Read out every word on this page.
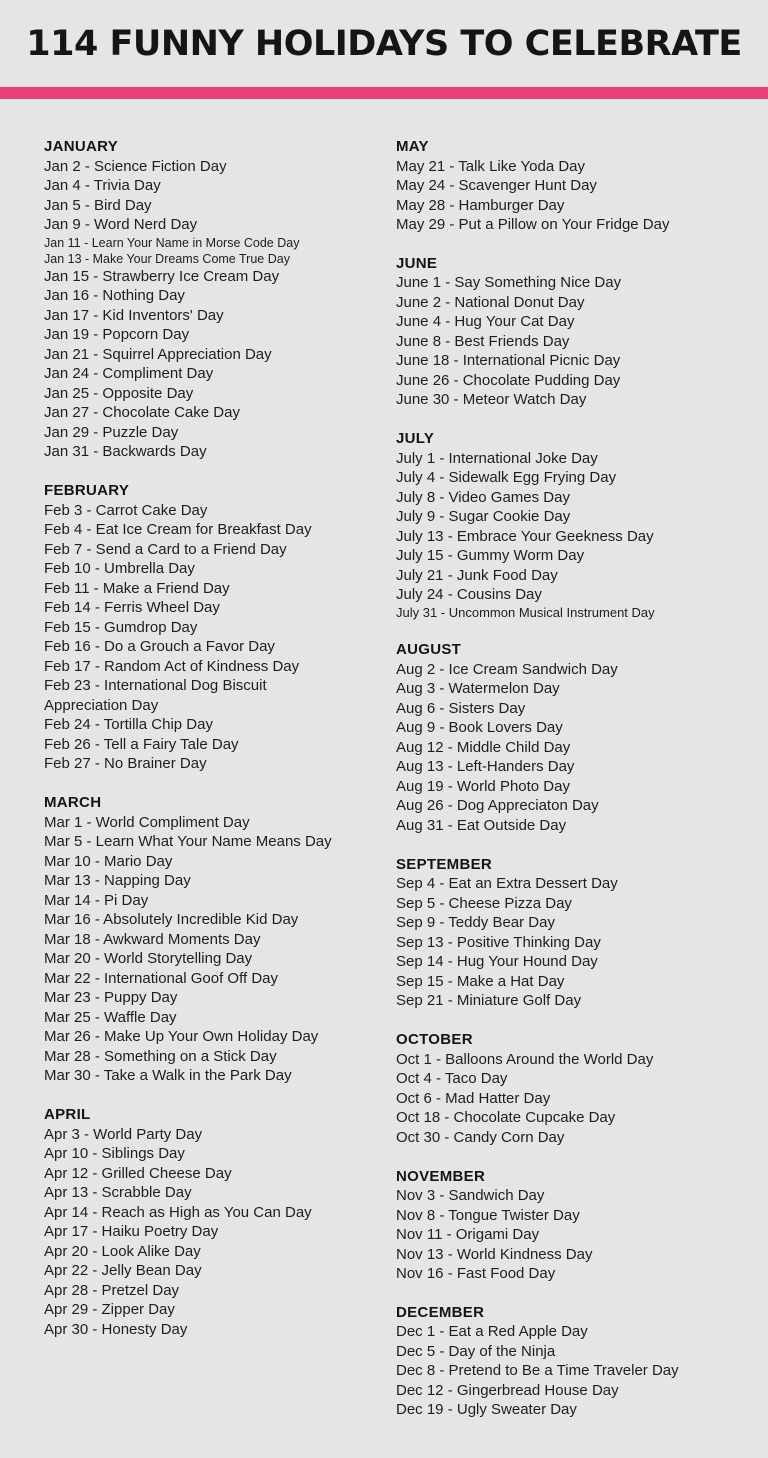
114 FUNNY HOLIDAYS TO CELEBRATE
JANUARY
Jan 2 - Science Fiction Day
Jan 4 - Trivia Day
Jan 5 - Bird Day
Jan 9 - Word Nerd Day
Jan 11 - Learn Your Name in Morse Code Day
Jan 13 - Make Your Dreams Come True Day
Jan 15 - Strawberry Ice Cream Day
Jan 16 - Nothing Day
Jan 17 - Kid Inventors' Day
Jan 19 - Popcorn Day
Jan 21 - Squirrel Appreciation Day
Jan 24 - Compliment Day
Jan 25 - Opposite Day
Jan 27 - Chocolate Cake Day
Jan 29 - Puzzle Day
Jan 31 - Backwards Day
FEBRUARY
Feb 3 - Carrot Cake Day
Feb 4 - Eat Ice Cream for Breakfast Day
Feb 7 - Send a Card to a Friend Day
Feb 10 - Umbrella Day
Feb 11 - Make a Friend Day
Feb 14 - Ferris Wheel Day
Feb 15 - Gumdrop Day
Feb 16 - Do a Grouch a Favor Day
Feb 17 - Random Act of Kindness Day
Feb 23 - International Dog Biscuit
Appreciation Day
Feb 24 - Tortilla Chip Day
Feb 26 - Tell a Fairy Tale Day
Feb 27 - No Brainer Day
MARCH
Mar 1 - World Compliment Day
Mar 5 - Learn What Your Name Means Day
Mar 10 - Mario Day
Mar 13 - Napping Day
Mar 14 - Pi Day
Mar 16 - Absolutely Incredible Kid Day
Mar 18 - Awkward Moments Day
Mar 20 - World Storytelling Day
Mar 22 - International Goof Off Day
Mar 23 - Puppy Day
Mar 25 - Waffle Day
Mar 26 - Make Up Your Own Holiday Day
Mar 28 - Something on a Stick Day
Mar 30 - Take a Walk in the Park Day
APRIL
Apr 3 - World Party Day
Apr 10 - Siblings Day
Apr 12 - Grilled Cheese Day
Apr 13 - Scrabble Day
Apr 14 - Reach as High as You Can Day
Apr 17 - Haiku Poetry Day
Apr 20 - Look Alike Day
Apr 22 - Jelly Bean Day
Apr 28 - Pretzel Day
Apr 29 - Zipper Day
Apr 30 - Honesty Day
MAY
May 21 - Talk Like Yoda Day
May 24 - Scavenger Hunt Day
May 28 - Hamburger Day
May 29 - Put a Pillow on Your Fridge Day
JUNE
June 1 - Say Something Nice Day
June 2 - National Donut Day
June 4 - Hug Your Cat Day
June 8 - Best Friends Day
June 18 - International Picnic Day
June 26 - Chocolate Pudding Day
June 30 - Meteor Watch Day
JULY
July 1 - International Joke Day
July 4 - Sidewalk Egg Frying Day
July 8 - Video Games Day
July 9 - Sugar Cookie Day
July 13 - Embrace Your Geekness Day
July 15 - Gummy Worm Day
July 21 - Junk Food Day
July 24 - Cousins Day
July 31 - Uncommon Musical Instrument Day
AUGUST
Aug 2 - Ice Cream Sandwich Day
Aug 3 - Watermelon Day
Aug 6 - Sisters Day
Aug 9 - Book Lovers Day
Aug 12 - Middle Child Day
Aug 13 - Left-Handers Day
Aug 19 - World Photo Day
Aug 26 - Dog Appreciaton Day
Aug 31 - Eat Outside Day
SEPTEMBER
Sep 4 - Eat an Extra Dessert Day
Sep 5 - Cheese Pizza Day
Sep 9 - Teddy Bear Day
Sep 13 - Positive Thinking Day
Sep 14 - Hug Your Hound Day
Sep 15 - Make a Hat Day
Sep 21 - Miniature Golf Day
OCTOBER
Oct 1 - Balloons Around the World Day
Oct 4 - Taco Day
Oct 6 - Mad Hatter Day
Oct 18 - Chocolate Cupcake Day
Oct 30 - Candy Corn Day
NOVEMBER
Nov 3 - Sandwich Day
Nov 8 - Tongue Twister Day
Nov 11 - Origami Day
Nov 13 - World Kindness Day
Nov 16 - Fast Food Day
DECEMBER
Dec 1 - Eat a Red Apple Day
Dec 5 - Day of the Ninja
Dec 8 - Pretend to Be a Time Traveler Day
Dec 12 - Gingerbread House Day
Dec 19 - Ugly Sweater Day
